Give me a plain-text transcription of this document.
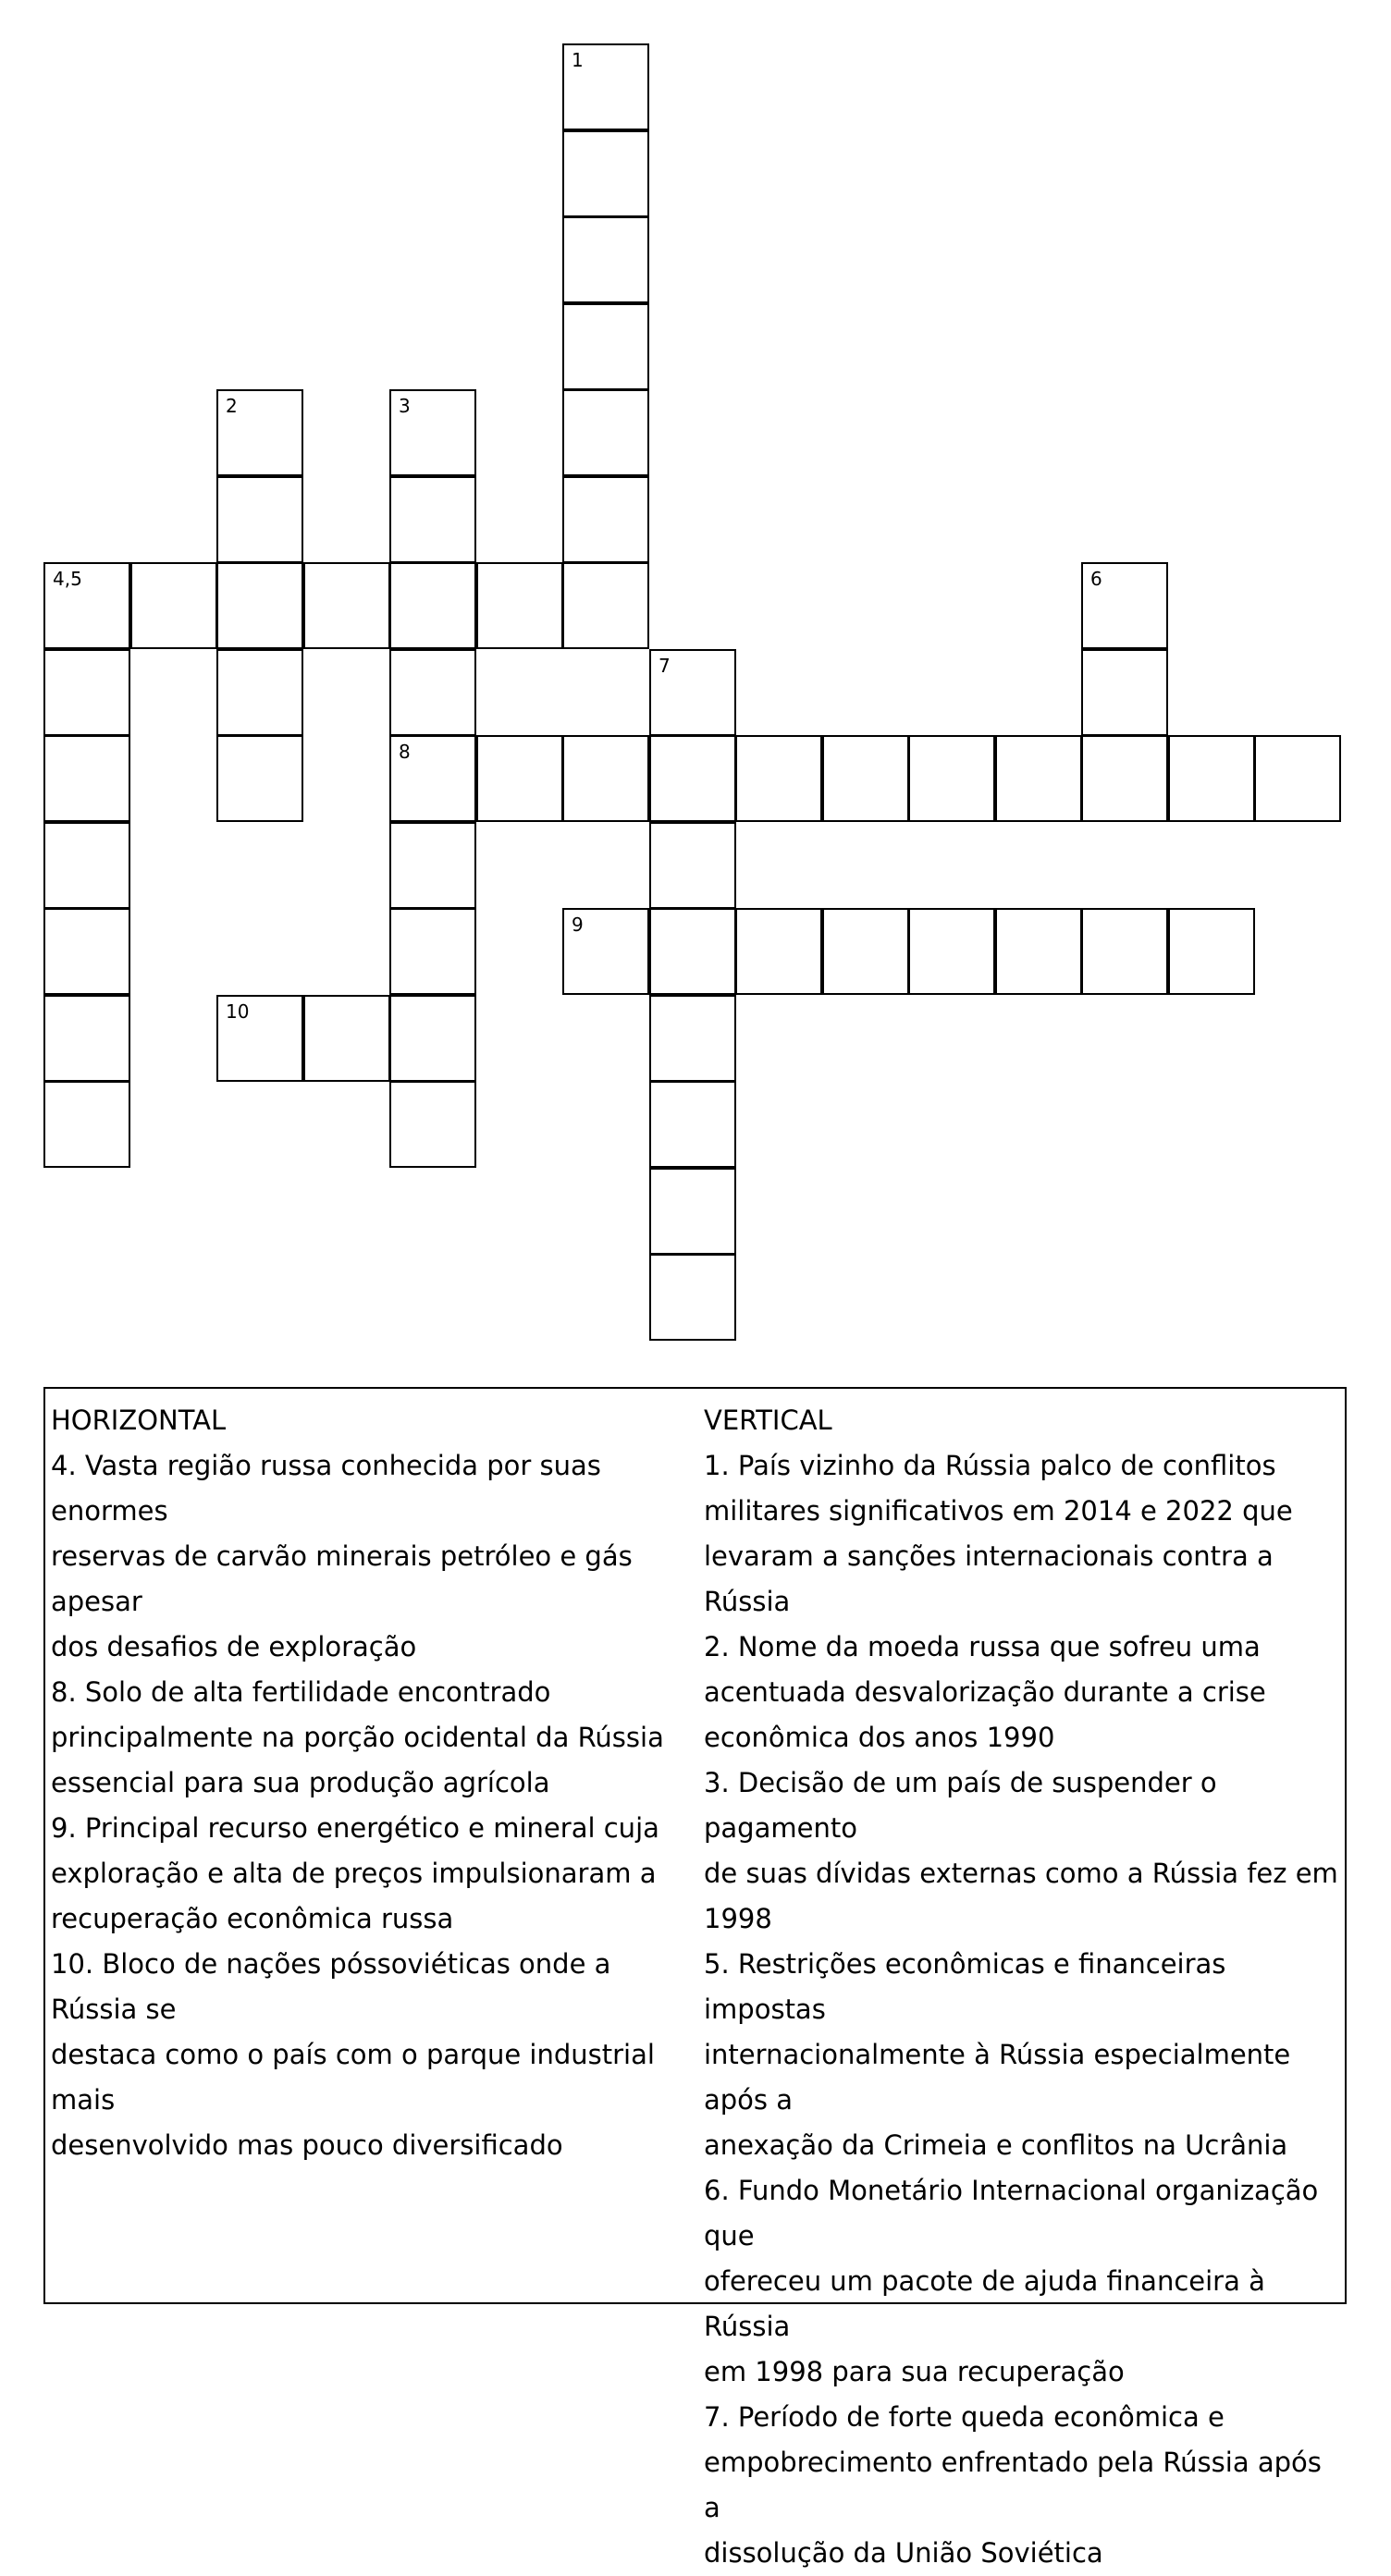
1
2	3
4,5	6
7
8
9
10
HORIZONTAL
4. Vasta região russa conhecida por suas enormes
reservas de carvão minerais petróleo e gás apesar
dos desafios de exploração
8. Solo de alta fertilidade encontrado
principalmente na porção ocidental da Rússia
essencial para sua produção agrícola
9. Principal recurso energético e mineral cuja
exploração e alta de preços impulsionaram a
recuperação econômica russa
10. Bloco de nações póssoviéticas onde a Rússia se
destaca como o país com o parque industrial mais
desenvolvido mas pouco diversificado
VERTICAL
1. País vizinho da Rússia palco de conflitos
militares significativos em 2014 e 2022 que
levaram a sanções internacionais contra a Rússia
2. Nome da moeda russa que sofreu uma
acentuada desvalorização durante a crise
econômica dos anos 1990
3. Decisão de um país de suspender o pagamento
de suas dívidas externas como a Rússia fez em
1998
5. Restrições econômicas e financeiras impostas
internacionalmente à Rússia especialmente após a
anexação da Crimeia e conflitos na Ucrânia
6. Fundo Monetário Internacional organização que
ofereceu um pacote de ajuda financeira à Rússia
em 1998 para sua recuperação
7. Período de forte queda econômica e
empobrecimento enfrentado pela Rússia após a
dissolução da União Soviética
